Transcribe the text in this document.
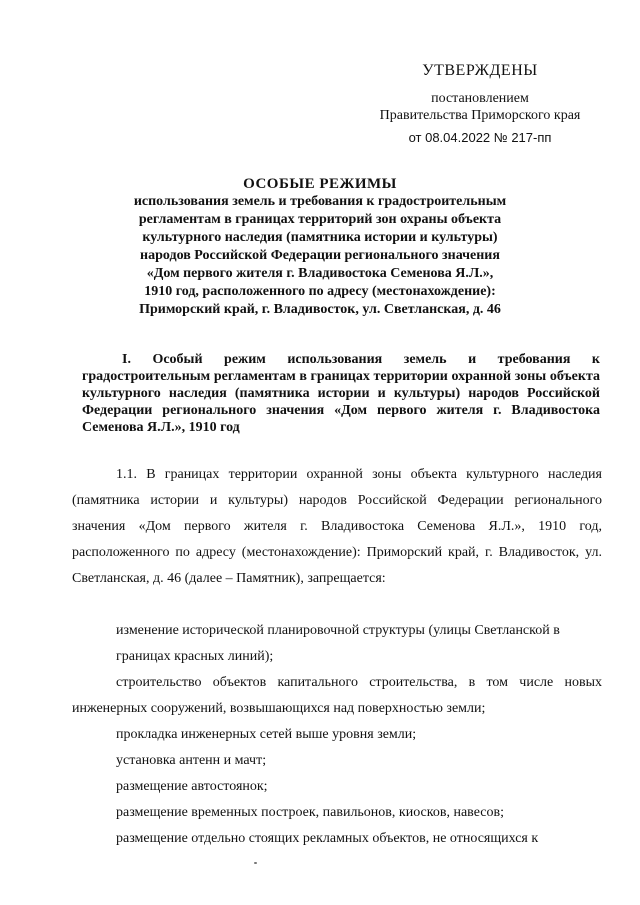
УТВЕРЖДЕНЫ
постановлением
Правительства Приморского края
от 08.04.2022 № 217-пп
ОСОБЫЕ РЕЖИМЫ
использования земель и требования к градостроительным
регламентам в границах территорий зон охраны объекта
культурного наследия (памятника истории и культуры)
народов Российской Федерации регионального значения
«Дом первого жителя г. Владивостока Семенова Я.Л.»,
1910 год, расположенного по адресу (местонахождение):
Приморский край, г. Владивосток, ул. Светланская, д. 46
I. Особый режим использования земель и требования к градостроительным регламентам в границах территории охранной зоны объекта культурного наследия (памятника истории и культуры) народов Российской Федерации регионального значения «Дом первого жителя г. Владивостока Семенова Я.Л.», 1910 год
1.1. В границах территории охранной зоны объекта культурного наследия (памятника истории и культуры) народов Российской Федерации регионального значения «Дом первого жителя г. Владивостока Семенова Я.Л.», 1910 год, расположенного по адресу (местонахождение): Приморский край, г. Владивосток, ул. Светланская, д. 46 (далее – Памятник), запрещается:
изменение исторической планировочной структуры (улицы Светланской в границах красных линий);
строительство объектов капитального строительства, в том числе новых инженерных сооружений, возвышающихся над поверхностью земли;
прокладка инженерных сетей выше уровня земли;
установка антенн и мачт;
размещение автостоянок;
размещение временных построек, павильонов, киосков, навесов;
размещение отдельно стоящих рекламных объектов, не относящихся к
